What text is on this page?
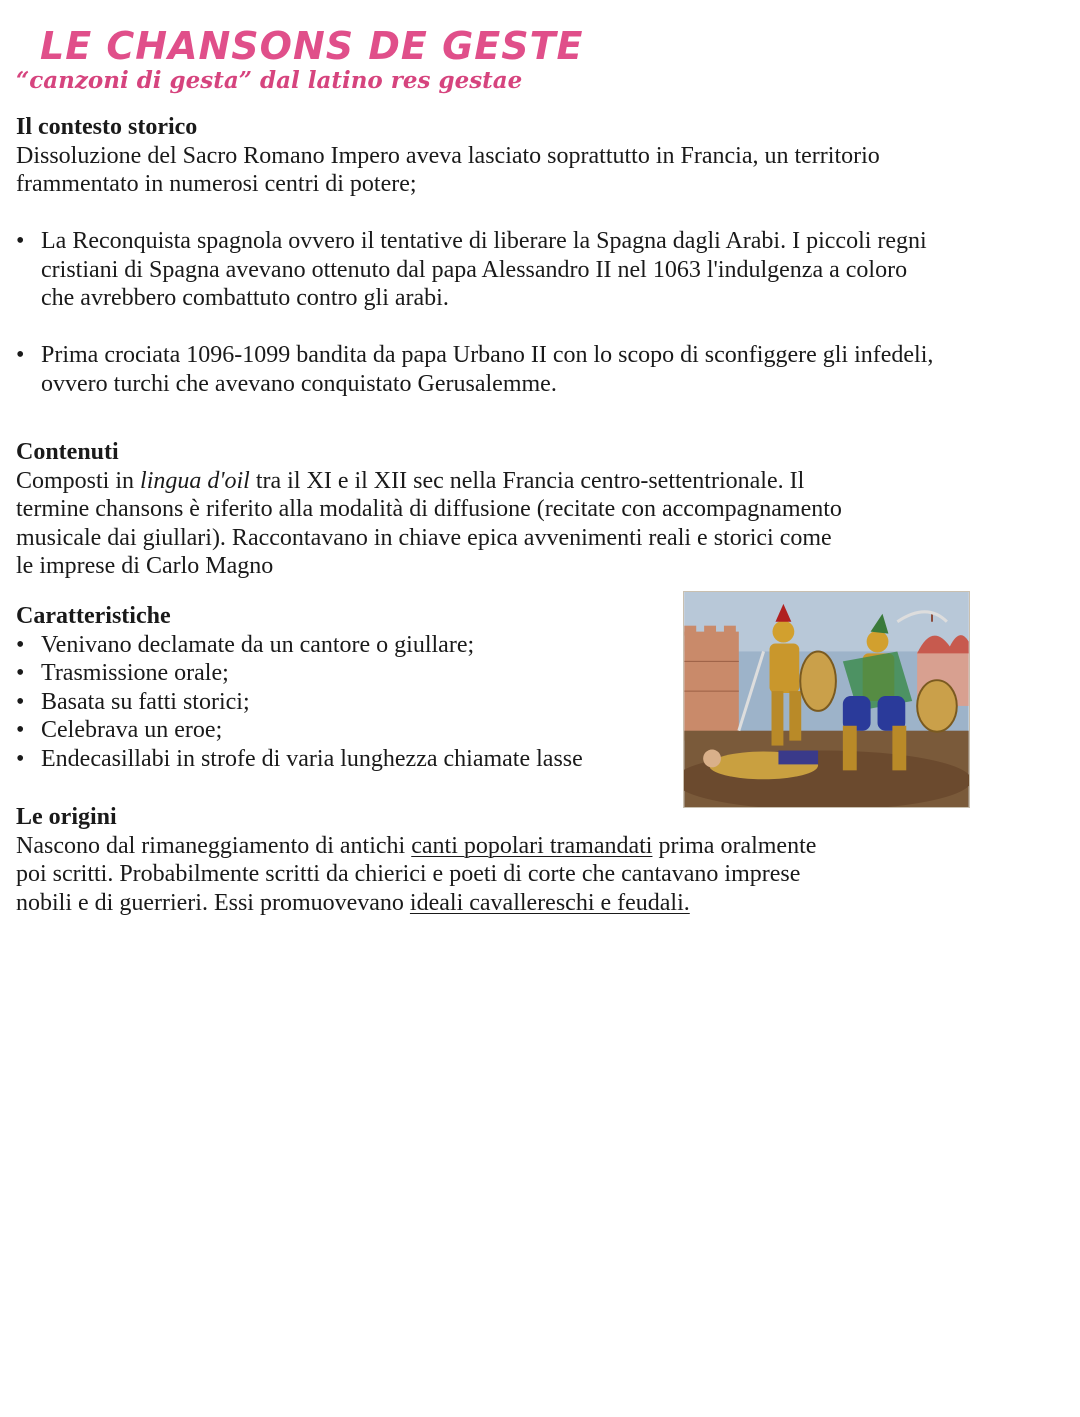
LE CHANSONS DE GESTE
“canzoni di gesta” dal latino res gestae
Il contesto storico

Dissoluzione del Sacro Romano Impero aveva lasciato soprattutto in Francia, un territorio frammentato in numerosi centri di potere;

• La Reconquista spagnola ovvero il tentative di liberare la Spagna dagli Arabi. I piccoli regni cristiani di Spagna avevano ottenuto dal papa Alessandro II nel 1063 l'indulgenza a coloro che avrebbero combattuto contro gli arabi.
• Prima crociata 1096-1099 bandita da papa Urbano II con lo scopo di sconfiggere gli infedeli, ovvero turchi che avevano conquistato Gerusalemme.
Contenuti

Composti in lingua d'oil tra il XI e il XII sec nella Francia centro-settentrionale. Il termine chansons è riferito alla modalità di diffusione (recitate con accompagnamento musicale dai giullari). Raccontavano in chiave epica avvenimenti reali e storici come le imprese di Carlo Magno

Caratteristiche
• Venivano declamate da un cantore o giullare;
• Trasmissione orale;
• Basata su fatti storici;
• Celebrava un eroe;
• Endecasillabi in strofe di varia lunghezza chiamate lasse
Le origini

Nascono dal rimaneggiamento di antichi canti popolari tramandati prima oralmente poi scritti. Probabilmente scritti da chierici e poeti di corte che cantavano imprese nobili e di guerrieri. Essi promuovevano ideali cavallereschi e feudali.
